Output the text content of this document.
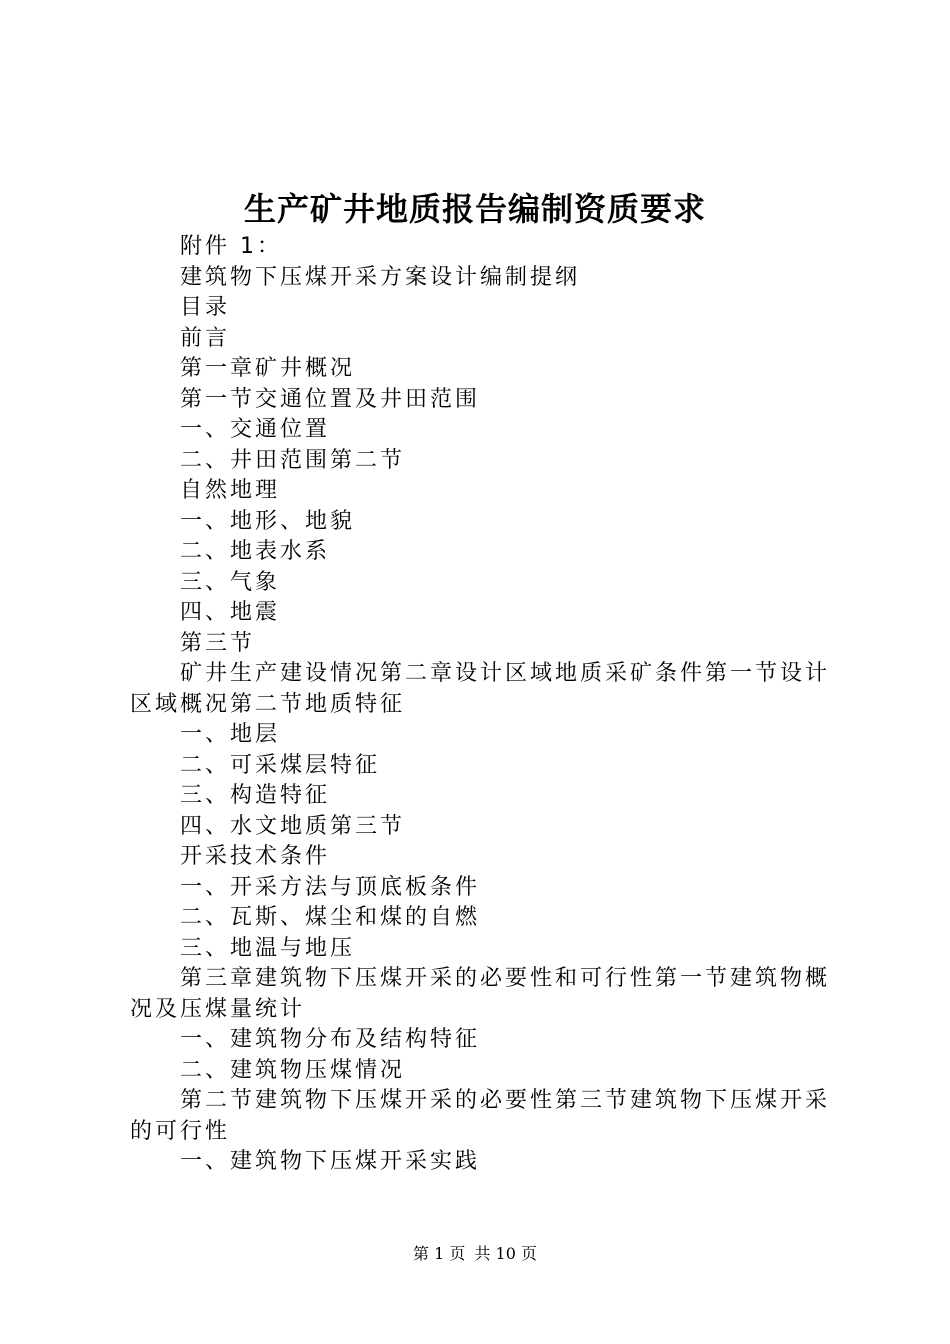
生产矿井地质报告编制资质要求
附件 1：
建筑物下压煤开采方案设计编制提纲
目录
前言
第一章矿井概况
第一节交通位置及井田范围
一、交通位置
二、井田范围第二节
自然地理
一、地形、地貌
二、地表水系
三、气象
四、地震
第三节
矿井生产建设情况第二章设计区域地质采矿条件第一节设计区域概况第二节地质特征
一、地层
二、可采煤层特征
三、构造特征
四、水文地质第三节
开采技术条件
一、开采方法与顶底板条件
二、瓦斯、煤尘和煤的自燃
三、地温与地压
第三章建筑物下压煤开采的必要性和可行性第一节建筑物概况及压煤量统计
一、建筑物分布及结构特征
二、建筑物压煤情况
第二节建筑物下压煤开采的必要性第三节建筑物下压煤开采的可行性
一、建筑物下压煤开采实践
第 1 页 共 10 页
